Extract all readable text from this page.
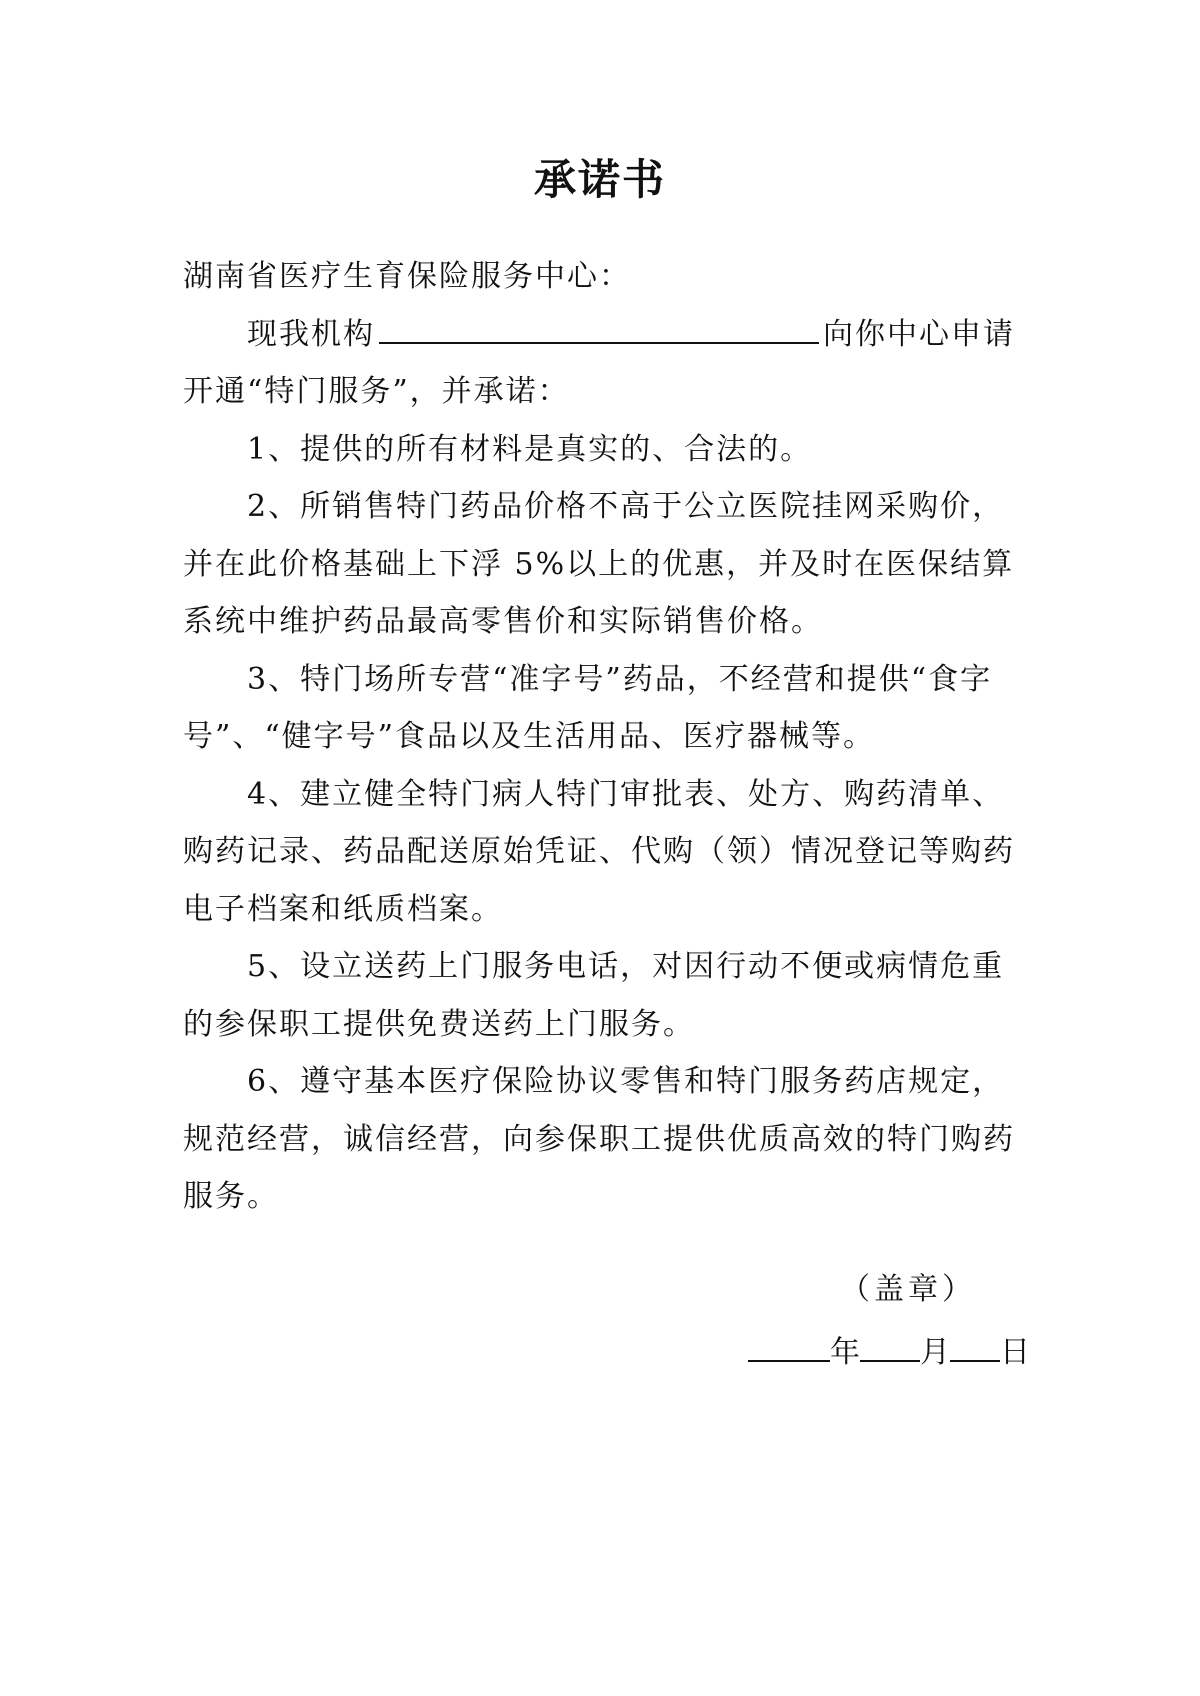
承诺书

湖南省医疗生育保险服务中心：

现我机构	向你中心申请开通“特门服务”，并承诺：

1、提供的所有材料是真实的、合法的。

2、所销售特门药品价格不高于公立医院挂网采购价，并在此价格基础上下浮 5%以上的优惠，并及时在医保结算系统中维护药品最高零售价和实际销售价格。

3、特门场所专营“准字号”药品，不经营和提供“食字号”、“健字号”食品以及生活用品、医疗器械等。

4、建立健全特门病人特门审批表、处方、购药清单、购药记录、药品配送原始凭证、代购（领）情况登记等购药电子档案和纸质档案。

5、设立送药上门服务电话，对因行动不便或病情危重的参保职工提供免费送药上门服务。

6、遵守基本医疗保险协议零售和特门服务药店规定，规范经营，诚信经营，向参保职工提供优质高效的特门购药服务。

（盖章）
年 月 日
